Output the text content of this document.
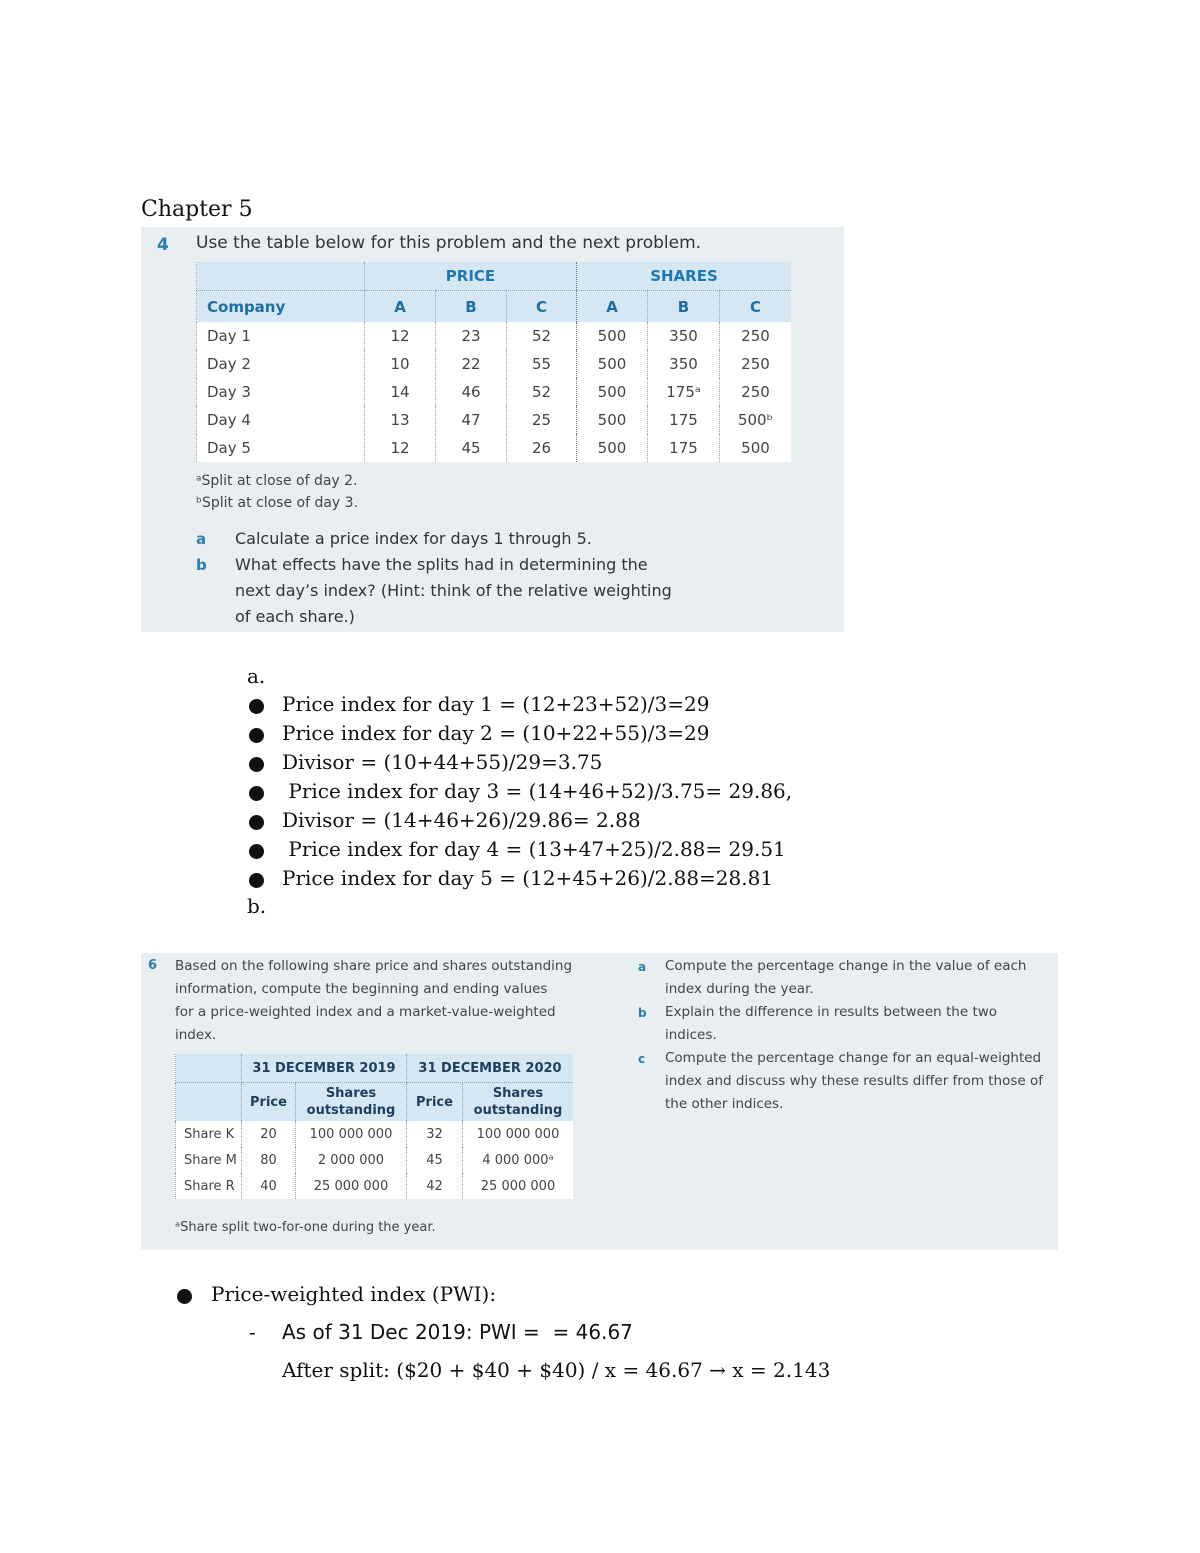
Chapter 5
4 Use the table below for this problem and the next problem.
	PRICE			SHARES		
Company	A	B	C	A	B	C
Day 1	12	23	52	500	350	250
Day 2	10	22	55	500	350	250
Day 3	14	46	52	500	175ᵃ	250
Day 4	13	47	25	500	175	500ᵇ
Day 5	12	45	26	500	175	500
ᵃSplit at close of day 2.
ᵇSplit at close of day 3.
a Calculate a price index for days 1 through 5.
b What effects have the splits had in determining the
next day’s index? (Hint: think of the relative weighting
of each share.)
a.
Price index for day 1 = (12+23+52)/3=29
Price index for day 2 = (10+22+55)/3=29
Divisor = (10+44+55)/29=3.75
Price index for day 3 = (14+46+52)/3.75= 29.86,
Divisor = (14+46+26)/29.86= 2.88
Price index for day 4 = (13+47+25)/2.88= 29.51
Price index for day 5 = (12+45+26)/2.88=28.81
b.
6 Based on the following share price and shares outstanding
information, compute the beginning and ending values
for a price-weighted index and a market-value-weighted
index.
	31 DECEMBER 2019		31 DECEMBER 2020	
	Price	Shares outstanding	Price	Shares outstanding
Share K	20	100 000 000	32	100 000 000
Share M	80	2 000 000	45	4 000 000ᵃ
Share R	40	25 000 000	42	25 000 000
ᵃShare split two-for-one during the year.
a Compute the percentage change in the value of each
index during the year.
b Explain the difference in results between the two
indices.
c Compute the percentage change for an equal-weighted
index and discuss why these results differ from those of
the other indices.
Price-weighted index (PWI):
- As of 31 Dec 2019: PWI =  = 46.67
After split: ($20 + $40 + $40) / x = 46.67 → x = 2.143
